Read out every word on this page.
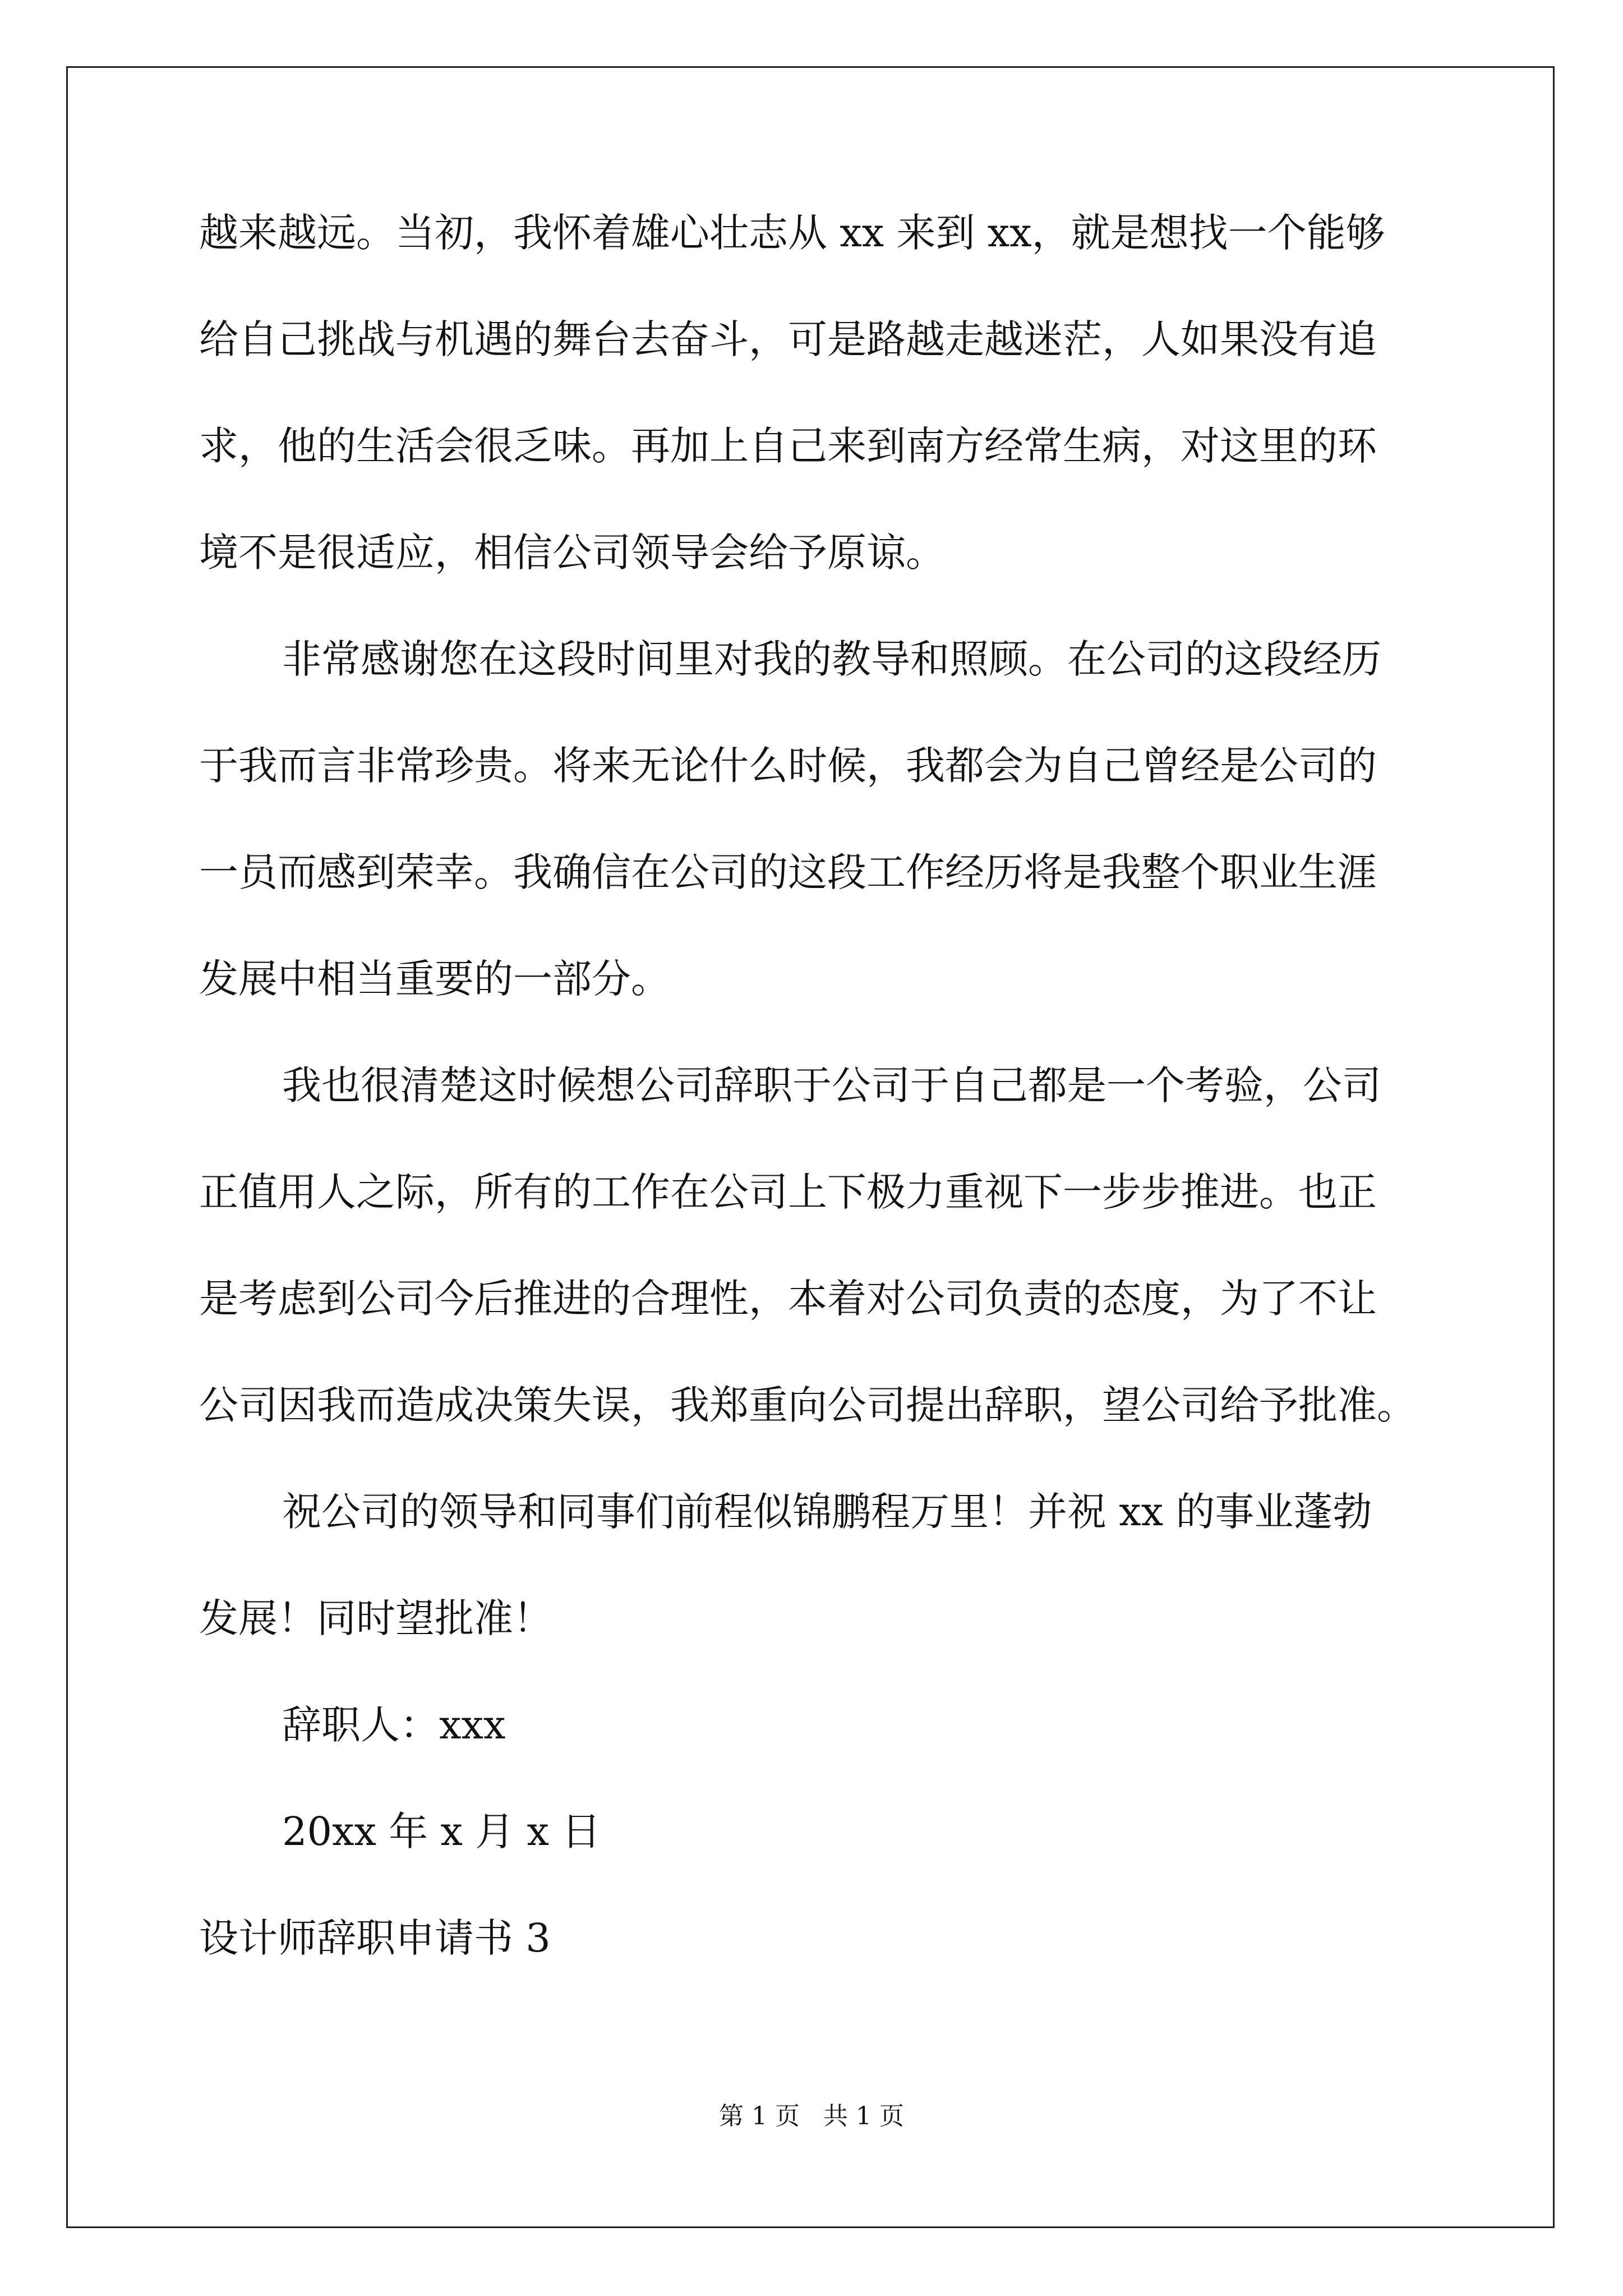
越来越远。当初，我怀着雄心壮志从 xx 来到 xx，就是想找一个能够
给自己挑战与机遇的舞台去奋斗，可是路越走越迷茫，人如果没有追
求，他的生活会很乏味。再加上自己来到南方经常生病，对这里的环
境不是很适应，相信公司领导会给予原谅。
非常感谢您在这段时间里对我的教导和照顾。在公司的这段经历
于我而言非常珍贵。将来无论什么时候，我都会为自己曾经是公司的
一员而感到荣幸。我确信在公司的这段工作经历将是我整个职业生涯
发展中相当重要的一部分。
我也很清楚这时候想公司辞职于公司于自己都是一个考验，公司
正值用人之际，所有的工作在公司上下极力重视下一步步推进。也正
是考虑到公司今后推进的合理性，本着对公司负责的态度，为了不让
公司因我而造成决策失误，我郑重向公司提出辞职，望公司给予批准。
祝公司的领导和同事们前程似锦鹏程万里！并祝 xx 的事业蓬勃
发展！同时望批准！
辞职人：xxx
20xx 年 x 月 x 日
设计师辞职申请书 3
第 1 页   共 1 页
